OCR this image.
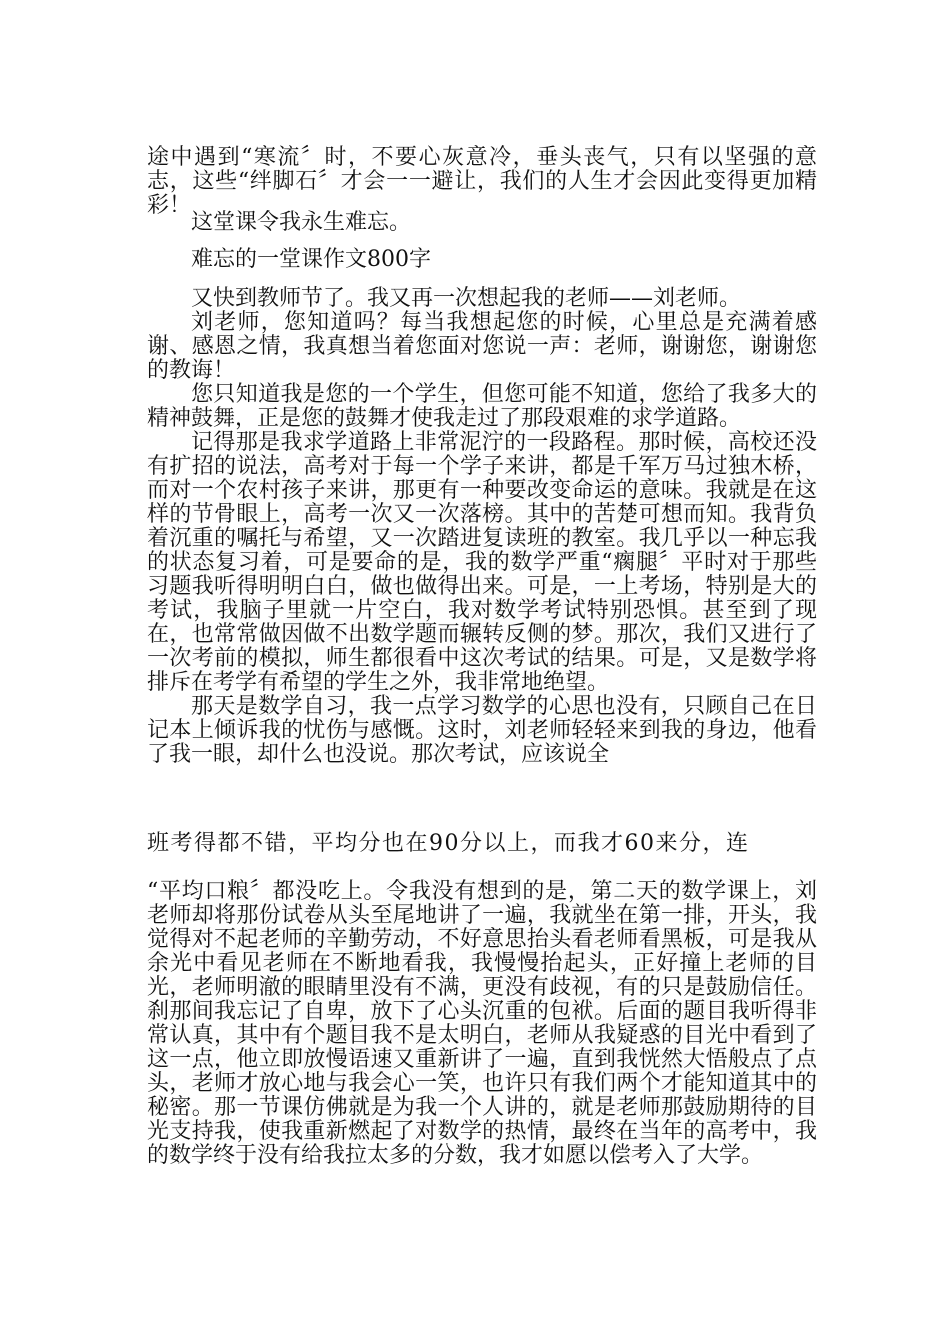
途中遇到“寒流〞时，不要心灰意冷，垂头丧气，只有以坚强的意志，这些“绊脚石〞才会一一避让，我们的人生才会因此变得更加精彩！

这堂课令我永生难忘。

难忘的一堂课作文800字

又快到教师节了。我又再一次想起我的老师——刘老师。

刘老师，您知道吗？每当我想起您的时候，心里总是充满着感谢、感恩之情，我真想当着您面对您说一声：老师，谢谢您，谢谢您的教诲！

您只知道我是您的一个学生，但您可能不知道，您给了我多大的精神鼓舞，正是您的鼓舞才使我走过了那段艰难的求学道路。

记得那是我求学道路上非常泥泞的一段路程。那时候，高校还没有扩招的说法，高考对于每一个学子来讲，都是千军万马过独木桥，而对一个农村孩子来讲，那更有一种要改变命运的意味。我就是在这样的节骨眼上，高考一次又一次落榜。其中的苦楚可想而知。我背负着沉重的嘱托与希望，又一次踏进复读班的教室。我几乎以一种忘我的状态复习着，可是要命的是，我的数学严重“瘸腿〞平时对于那些习题我听得明明白白，做也做得出来。可是，一上考场，特别是大的考试，我脑子里就一片空白，我对数学考试特别恐惧。甚至到了现在，也常常做因做不出数学题而辗转反侧的梦。那次，我们又进行了一次考前的模拟，师生都很看中这次考试的结果。可是，又是数学将排斥在考学有希望的学生之外，我非常地绝望。

那天是数学自习，我一点学习数学的心思也没有，只顾自己在日记本上倾诉我的忧伤与感慨。这时，刘老师轻轻来到我的身边，他看了我一眼，却什么也没说。那次考试，应该说全

班考得都不错，平均分也在90分以上，而我才60来分，连

“平均口粮〞都没吃上。令我没有想到的是，第二天的数学课上，刘老师却将那份试卷从头至尾地讲了一遍，我就坐在第一排，开头，我觉得对不起老师的辛勤劳动，不好意思抬头看老师看黑板，可是我从余光中看见老师在不断地看我，我慢慢抬起头，正好撞上老师的目光，老师明澈的眼睛里没有不满，更没有歧视，有的只是鼓励信任。刹那间我忘记了自卑，放下了心头沉重的包袱。后面的题目我听得非常认真，其中有个题目我不是太明白，老师从我疑惑的目光中看到了这一点，他立即放慢语速又重新讲了一遍，直到我恍然大悟般点了点头，老师才放心地与我会心一笑，也许只有我们两个才能知道其中的秘密。那一节课仿佛就是为我一个人讲的，就是老师那鼓励期待的目光支持我，使我重新燃起了对数学的热情，最终在当年的高考中，我的数学终于没有给我拉太多的分数，我才如愿以偿考入了大学。
